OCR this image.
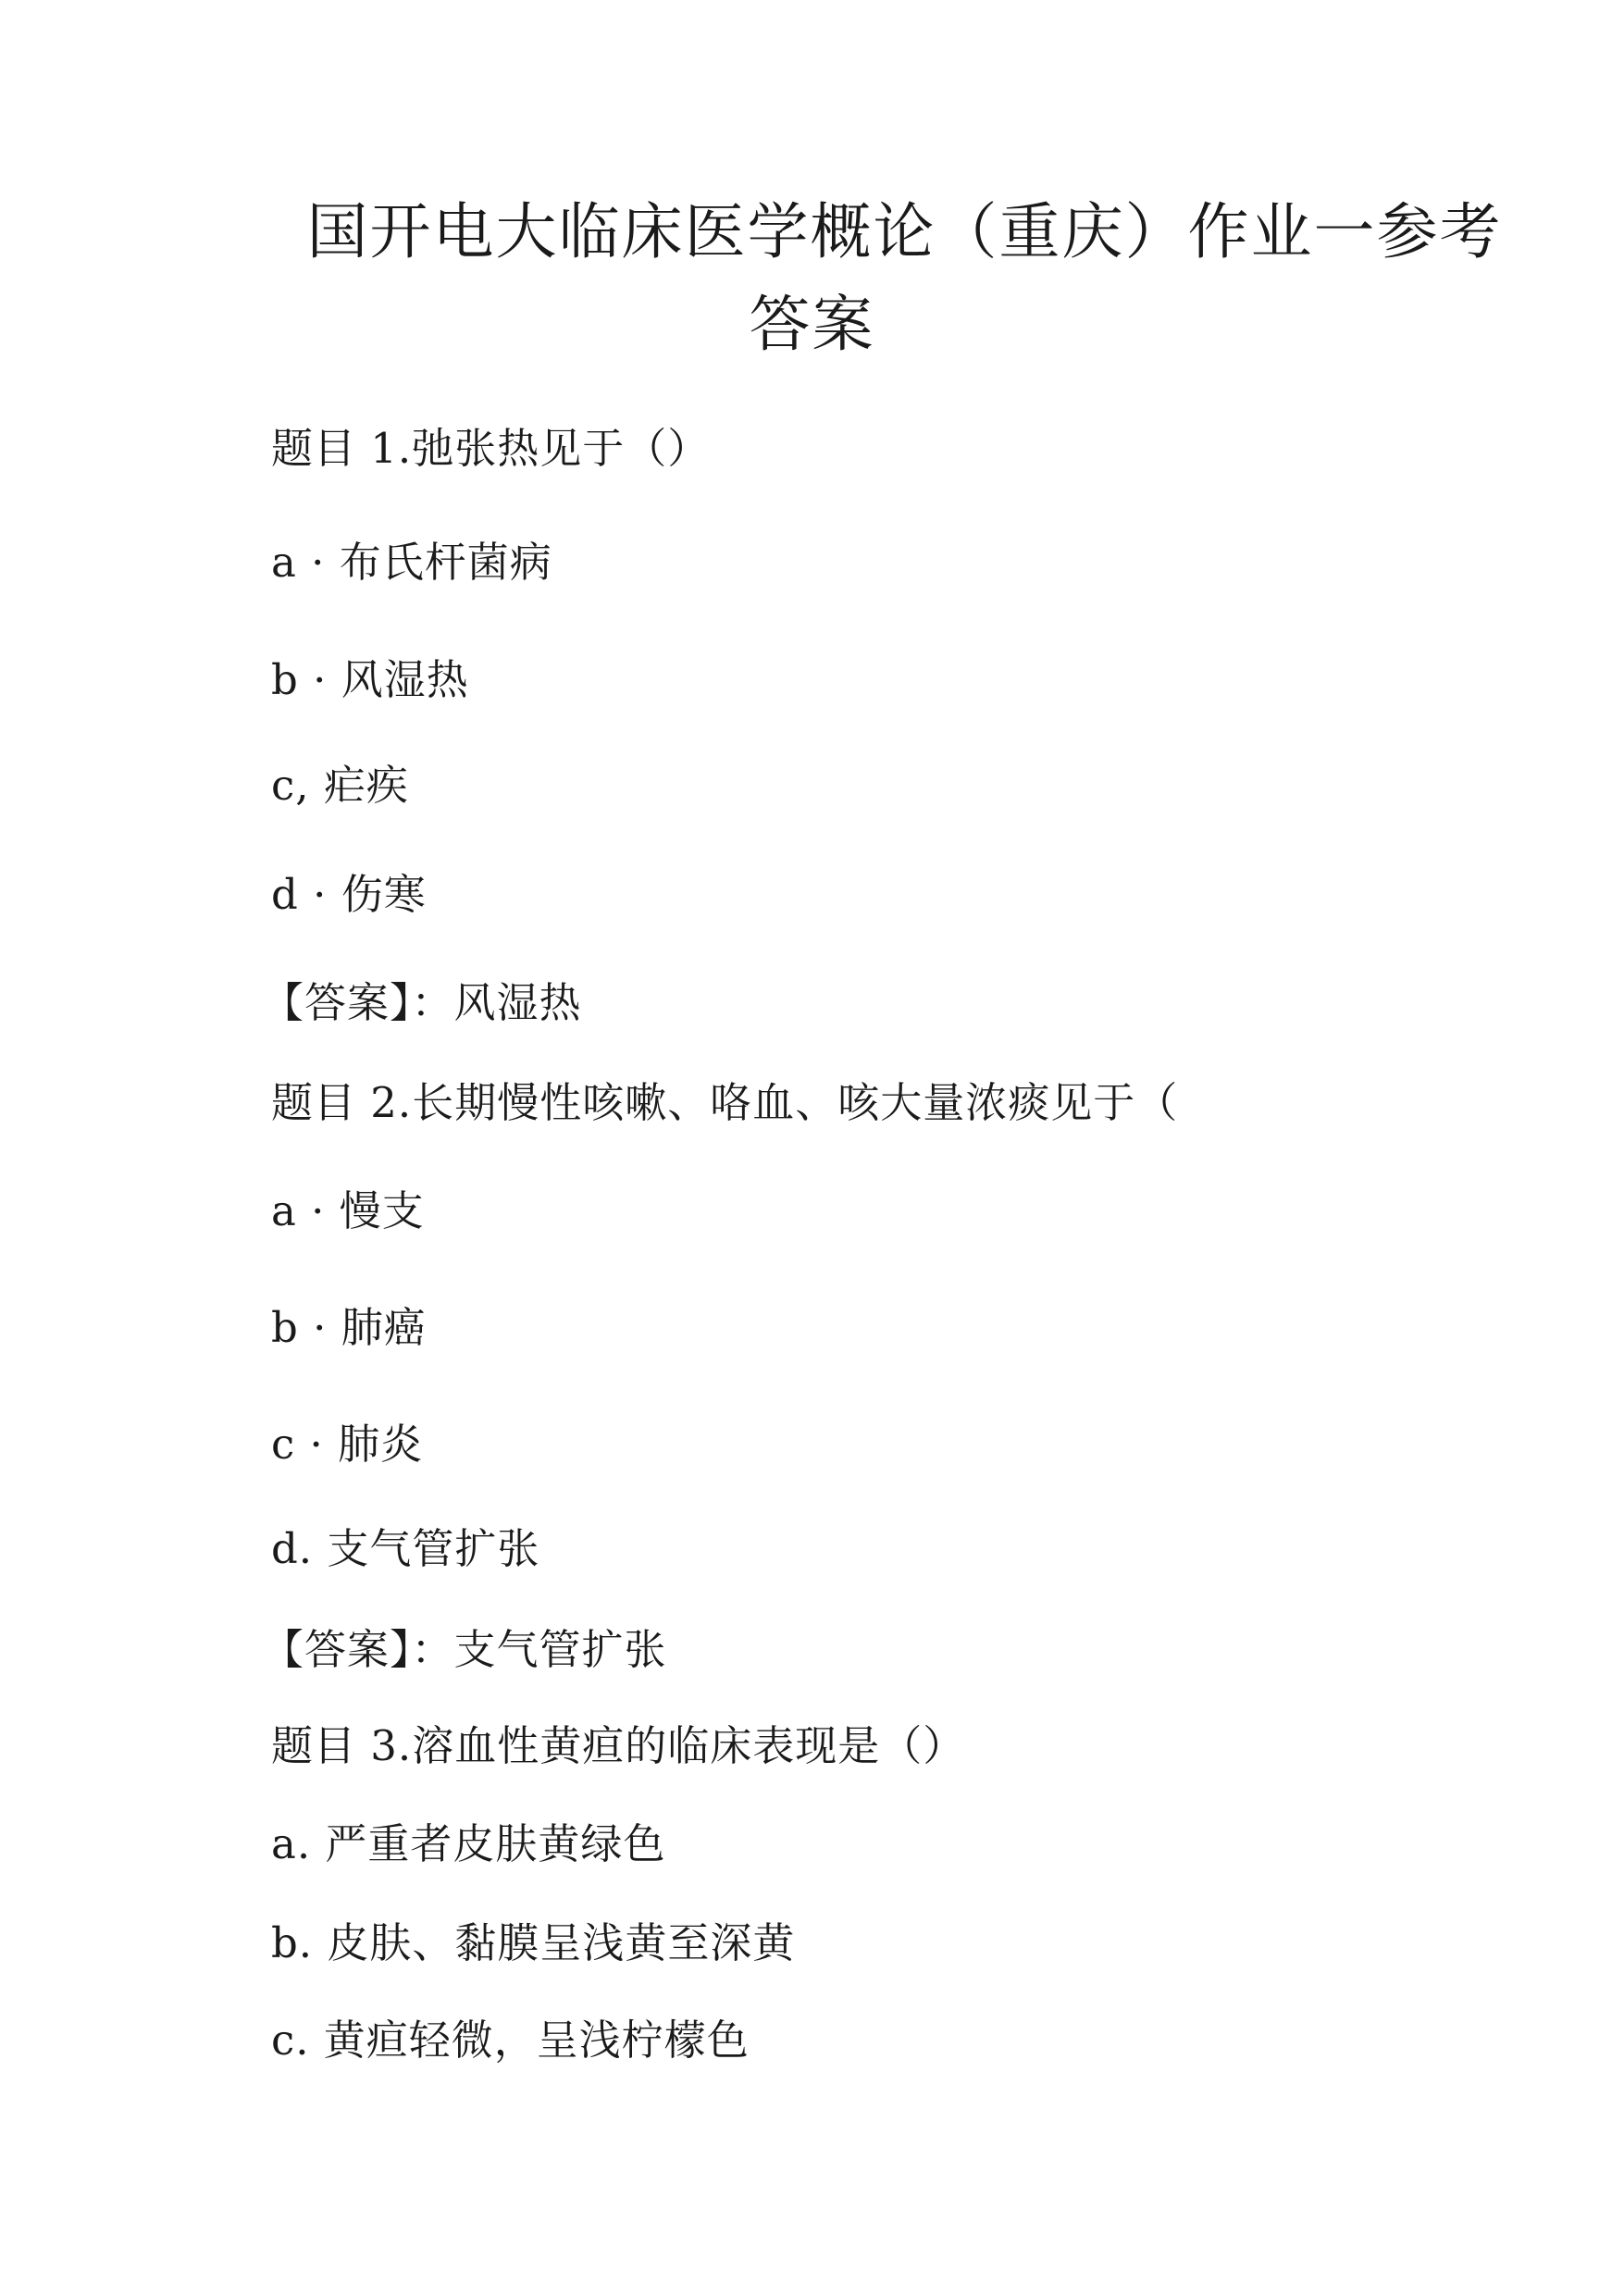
国开电大临床医学概论（重庆）作业一参考
答案
题目 1.弛张热见于（）
a · 布氏杆菌病
b · 风湿热
c, 疟疾
d · 伤寒
【答案】：风湿热
题目 2.长期慢性咳嗽、咯血、咳大量浓痰见于（
a · 慢支
b · 肺癌
c · 肺炎
d. 支气管扩张
【答案】：支气管扩张
题目 3.溶血性黄疸的临床表现是（）
a. 严重者皮肤黄绿色
b. 皮肤、黏膜呈浅黄至深黄
c. 黄疸轻微，呈浅柠檬色
